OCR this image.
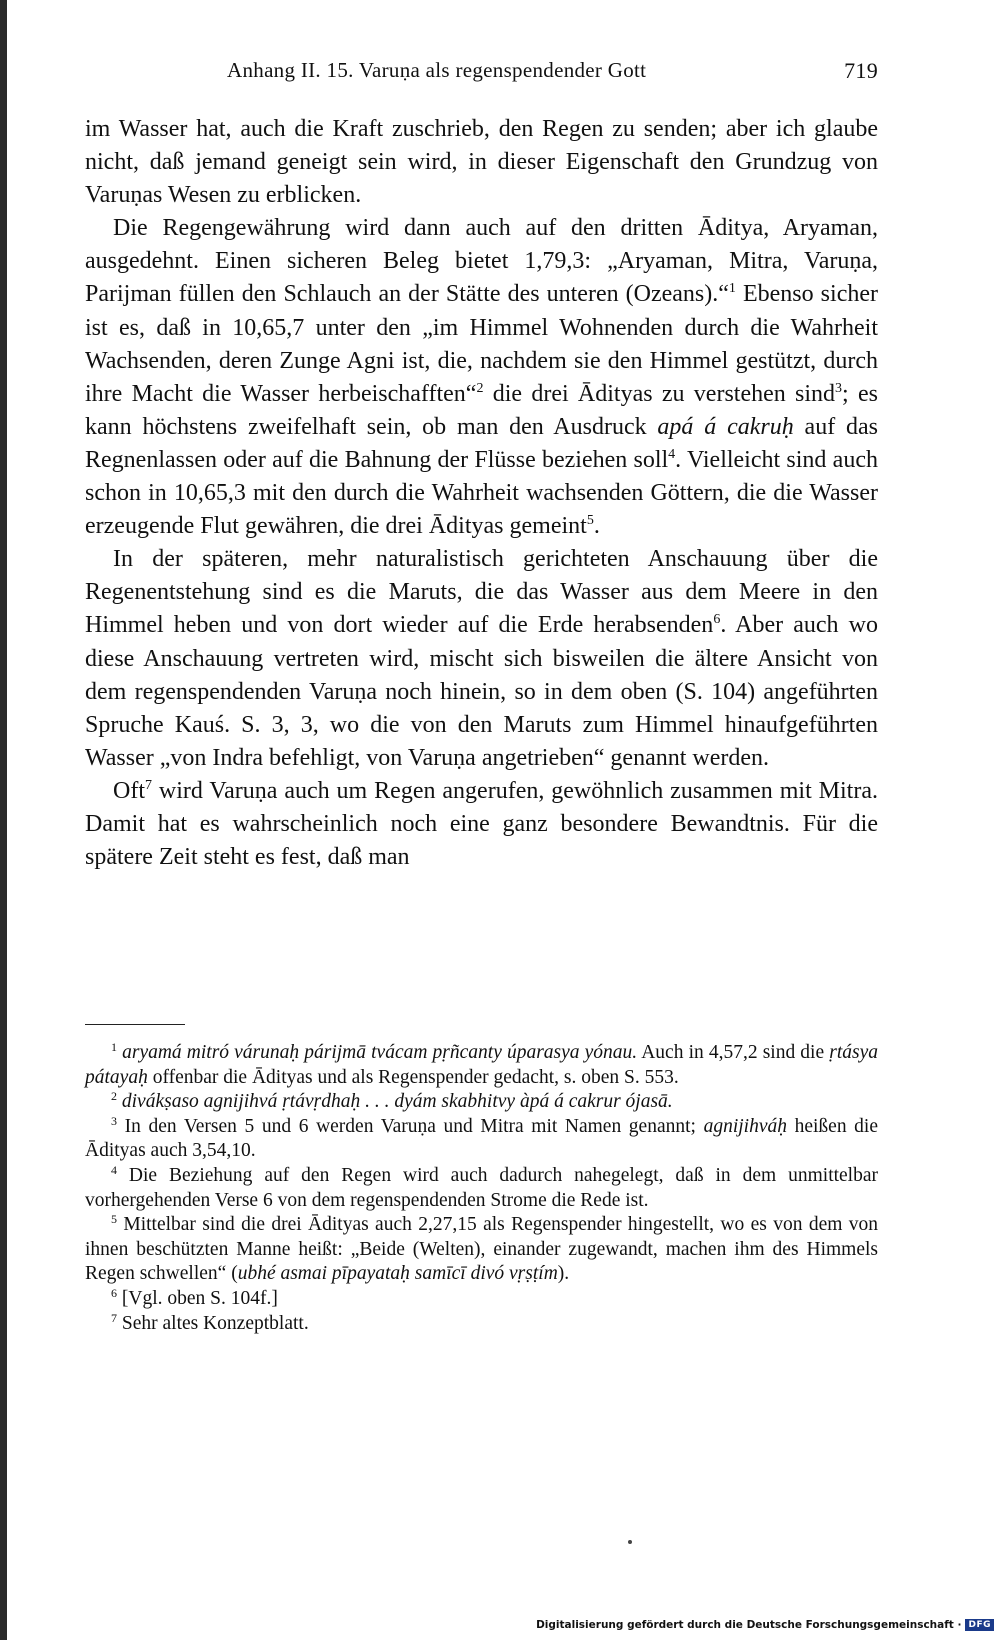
Anhang II. 15. Varuṇa als regenspendender Gott	719

im Wasser hat, auch die Kraft zuschrieb, den Regen zu senden; aber ich glaube nicht, daß jemand geneigt sein wird, in dieser Eigenschaft den Grundzug von Varuṇas Wesen zu erblicken.

Die Regengewährung wird dann auch auf den dritten Āditya, Aryaman, ausgedehnt. Einen sicheren Beleg bietet 1,79,3: „Aryaman, Mitra, Varuṇa, Parijman füllen den Schlauch an der Stätte des unteren (Ozeans).“$^1$ Ebenso sicher ist es, daß in 10,65,7 unter den „im Himmel Wohnenden durch die Wahrheit Wachsenden, deren Zunge Agni ist, die, nachdem sie den Himmel gestützt, durch ihre Macht die Wasser herbeischafften“$^2$ die drei Ādityas zu verstehen sind$^3$; es kann höchstens zweifelhaft sein, ob man den Ausdruck apá á cakruḥ auf das Regnenlassen oder auf die Bahnung der Flüsse beziehen soll$^4$. Vielleicht sind auch schon in 10,65,3 mit den durch die Wahrheit wachsenden Göttern, die die Wasser erzeugende Flut gewähren, die drei Ādityas gemeint$^5$.

In der späteren, mehr naturalistisch gerichteten Anschauung über die Regenentstehung sind es die Maruts, die das Wasser aus dem Meere in den Himmel heben und von dort wieder auf die Erde herabsenden$^6$. Aber auch wo diese Anschauung vertreten wird, mischt sich bisweilen die ältere Ansicht von dem regenspendenden Varuṇa noch hinein, so in dem oben (S. 104) angeführten Spruche Kauś. S. 3, 3, wo die von den Maruts zum Himmel hinaufgeführten Wasser „von Indra befehligt, von Varuṇa angetrieben“ genannt werden.

Oft$^7$ wird Varuṇa auch um Regen angerufen, gewöhnlich zusammen mit Mitra. Damit hat es wahrscheinlich noch eine ganz besondere Bewandtnis. Für die spätere Zeit steht es fest, daß man

$^1$ aryamá mitró várunaḥ párijmā tvácam pṛñcanty úparasya yónau. Auch in 4,57,2 sind die ṛtásya pátayaḥ offenbar die Ādityas und als Regenspender gedacht, s. oben S. 553.

$^2$ divákṣaso agnijihvá ṛtávṛdhaḥ . . . dyám skabhitvy àpá á cakrur ójasā.

$^3$ In den Versen 5 und 6 werden Varuṇa und Mitra mit Namen genannt; agnijihváḥ heißen die Ādityas auch 3,54,10.

$^4$ Die Beziehung auf den Regen wird auch dadurch nahegelegt, daß in dem unmittelbar vorhergehenden Verse 6 von dem regenspendenden Strome die Rede ist.

$^5$ Mittelbar sind die drei Ādityas auch 2,27,15 als Regenspender hingestellt, wo es von dem von ihnen beschützten Manne heißt: „Beide (Welten), einander zugewandt, machen ihm des Himmels Regen schwellen“ (ubhé asmai pīpayataḥ samīcī divó vṛṣṭím).

$^6$ [Vgl. oben S. 104f.]

$^7$ Sehr altes Konzeptblatt.

Digitalisierung gefördert durch die Deutsche Forschungsgemeinschaft · DFG
